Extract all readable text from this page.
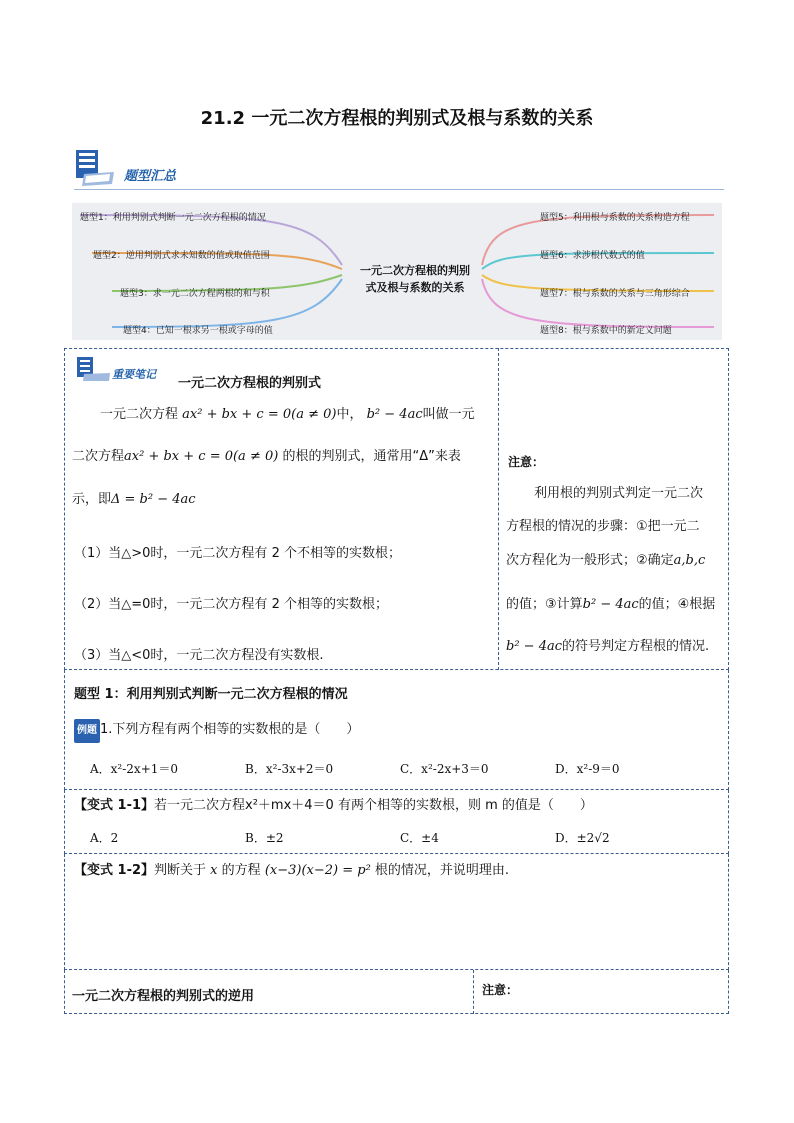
21.2 一元二次方程根的判别式及根与系数的关系
题型汇总
题型1：利用判别式判断一元二次方程根的情况
题型2：逆用判别式求未知数的值或取值范围
题型3：求一元二次方程两根的和与积
题型4：已知一根求另一根或字母的值
题型5：利用根与系数的关系构造方程
题型6：求涉根代数式的值
题型7：根与系数的关系与三角形综合
题型8：根与系数中的新定义问题
一元二次方程根的判别
式及根与系数的关系
重要笔记
一元二次方程根的判别式
一元二次方程 ax² + bx + c = 0(a ≠ 0)中， b² − 4ac叫做一元
二次方程ax² + bx + c = 0(a ≠ 0) 的根的判别式，通常用“Δ”来表
示，即Δ = b² − 4ac
（1）当△>0时，一元二次方程有 2 个不相等的实数根；
（2）当△=0时，一元二次方程有 2 个相等的实数根；
（3）当△<0时，一元二次方程没有实数根.
注意：
利用根的判别式判定一元二次
方程根的情况的步骤：①把一元二
次方程化为一般形式；②确定a,b,c
的值；③计算b² − 4ac的值；④根据
b² − 4ac的符号判定方程根的情况.
题型 1：利用判别式判断一元二次方程根的情况
例题 1.下列方程有两个相等的实数根的是（　　）
A．x²-2x+1＝0	B．x²-3x+2＝0	C．x²-2x+3＝0	D．x²-9＝0
【变式 1-1】若一元二次方程x²＋mx＋4＝0 有两个相等的实数根，则 m 的值是（　　）
A．2	B．±2	C．±4	D．±2√2
【变式 1-2】判断关于 x 的方程 (x−3)(x−2) = p² 根的情况，并说明理由.
一元二次方程根的判别式的逆用	注意：
